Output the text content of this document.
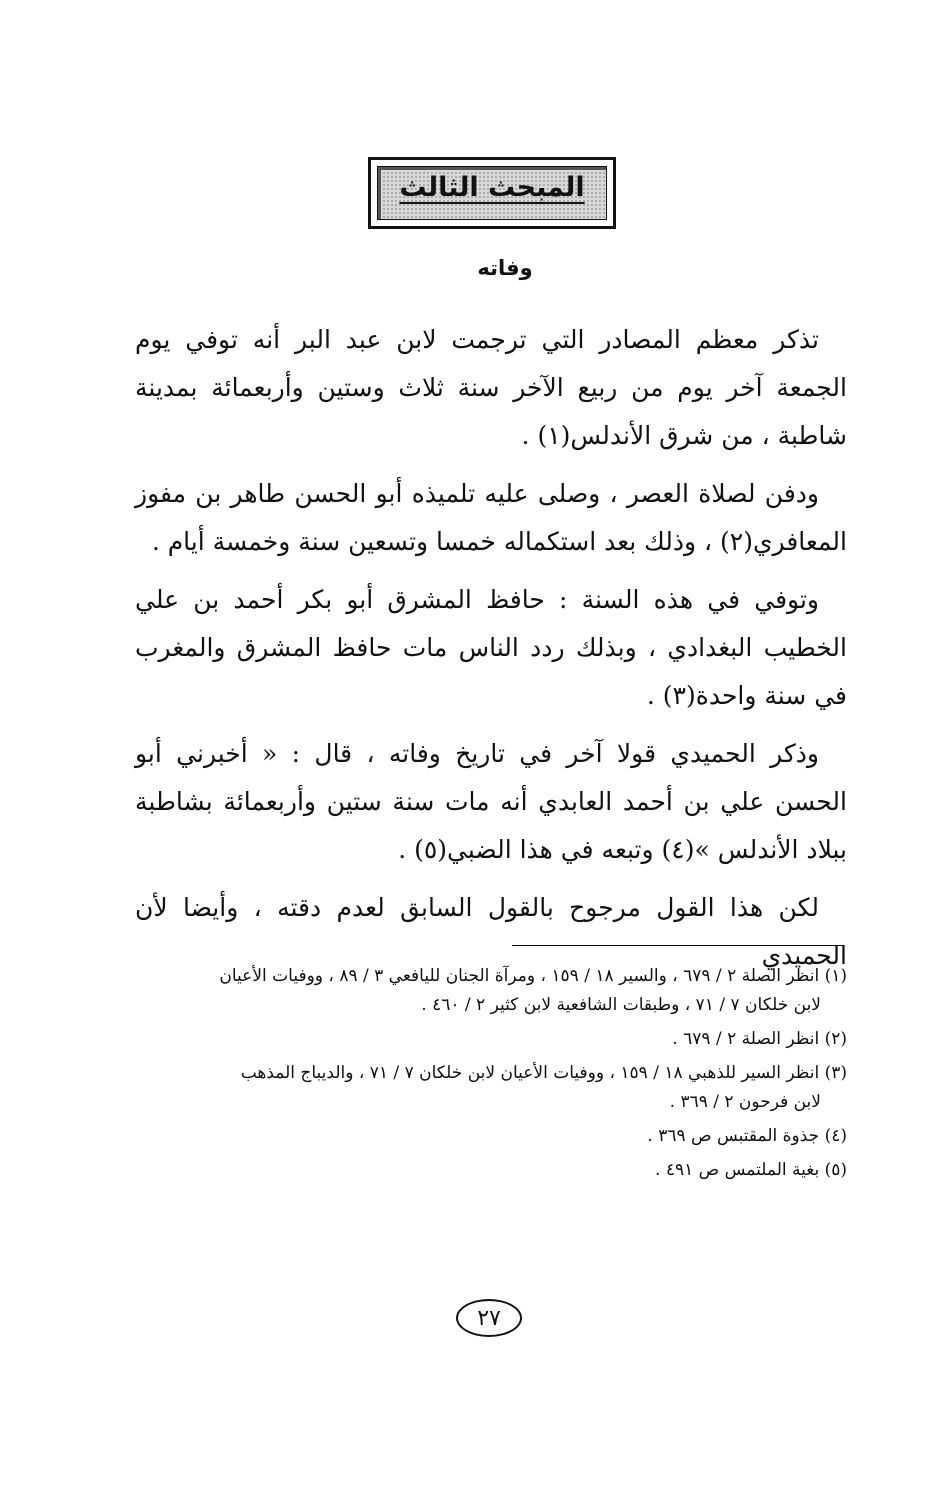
المبحث الثالث
وفاته

تذكر معظم المصادر التي ترجمت لابن عبد البر أنه توفي يوم الجمعة آخر يوم من ربيع الآخر سنة ثلاث وستين وأربعمائة بمدينة شاطبة ، من شرق الأندلس(١) .

ودفن لصلاة العصر ، وصلى عليه تلميذه أبو الحسن طاهر بن مفوز المعافري(٢) ، وذلك بعد استكماله خمسا وتسعين سنة وخمسة أيام .

وتوفي في هذه السنة : حافظ المشرق أبو بكر أحمد بن علي الخطيب البغدادي ، وبذلك ردد الناس مات حافظ المشرق والمغرب في سنة واحدة(٣) .

وذكر الحميدي قولا آخر في تاريخ وفاته ، قال : « أخبرني أبو الحسن علي بن أحمد العابدي أنه مات سنة ستين وأربعمائة بشاطبة ببلاد الأندلس »(٤) وتبعه في هذا الضبي(٥) .

لكن هذا القول مرجوح بالقول السابق لعدم دقته ، وأيضا لأن الحميدي

(١) انظر الصلة ٢ / ٦٧٩ ، والسير ١٨ / ١٥٩ ، ومرآة الجنان لليافعي ٣ / ٨٩ ، ووفيات الأعيان
لابن خلكان ٧ / ٧١ ، وطبقات الشافعية لابن كثير ٢ / ٤٦٠ .
(٢) انظر الصلة ٢ / ٦٧٩ .
(٣) انظر السير للذهبي ١٨ / ١٥٩ ، ووفيات الأعيان لابن خلكان ٧ / ٧١ ، والديباج المذهب
لابن فرحون ٢ / ٣٦٩ .
(٤) جذوة المقتبس ص ٣٦٩ .
(٥) بغية الملتمس ص ٤٩١ .
٢٧
